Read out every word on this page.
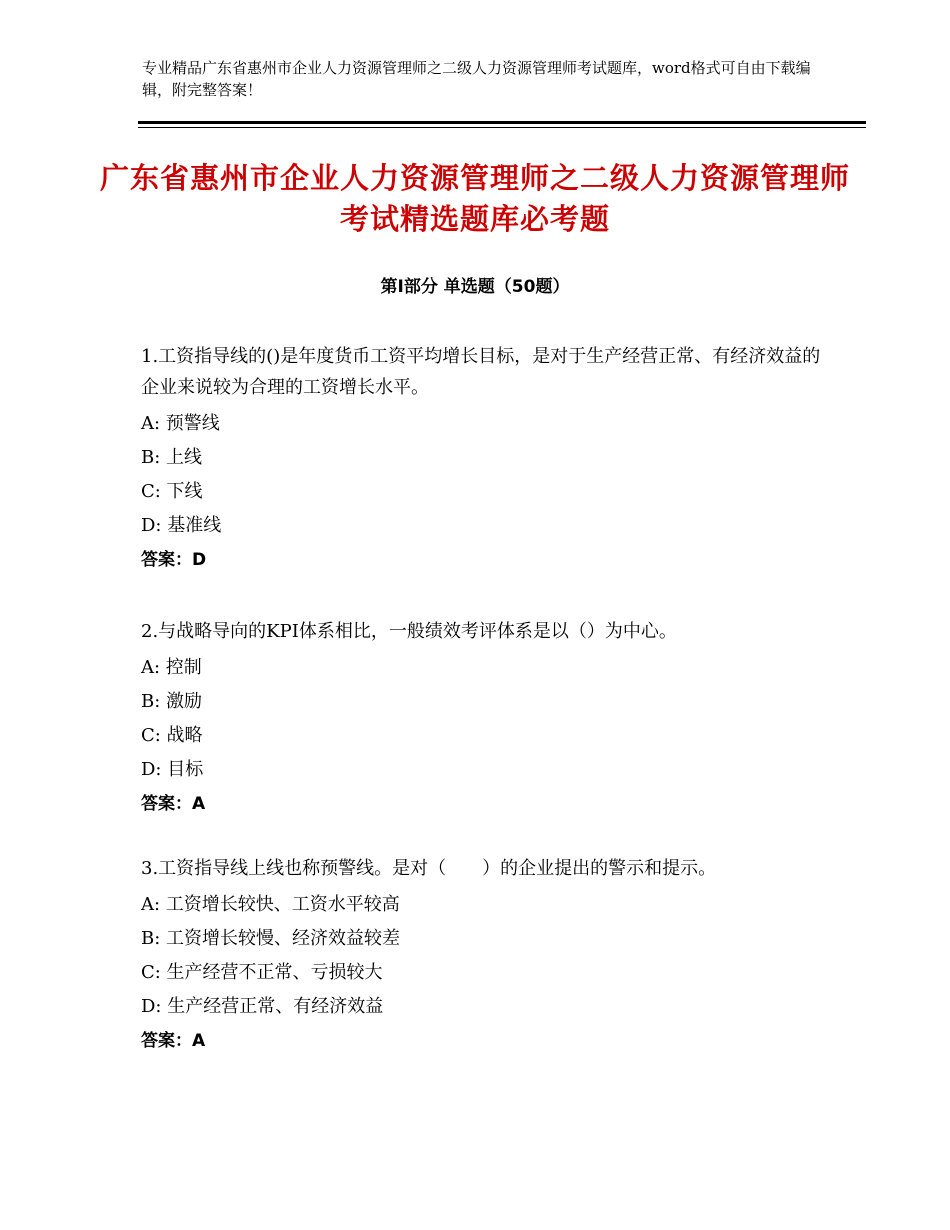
专业精品广东省惠州市企业人力资源管理师之二级人力资源管理师考试题库，word格式可自由下载编辑，附完整答案！
广东省惠州市企业人力资源管理师之二级人力资源管理师考试精选题库必考题
第Ⅰ部分 单选题（50题）
1.工资指导线的()是年度货币工资平均增长目标，是对于生产经营正常、有经济效益的企业来说较为合理的工资增长水平。
A: 预警线
B: 上线
C: 下线
D: 基准线
答案：D
2.与战略导向的KPI体系相比，一般绩效考评体系是以（）为中心。
A: 控制
B: 激励
C: 战略
D: 目标
答案：A
3.工资指导线上线也称预警线。是对（　　）的企业提出的警示和提示。
A: 工资增长较快、工资水平较高
B: 工资增长较慢、经济效益较差
C: 生产经营不正常、亏损较大
D: 生产经营正常、有经济效益
答案：A
